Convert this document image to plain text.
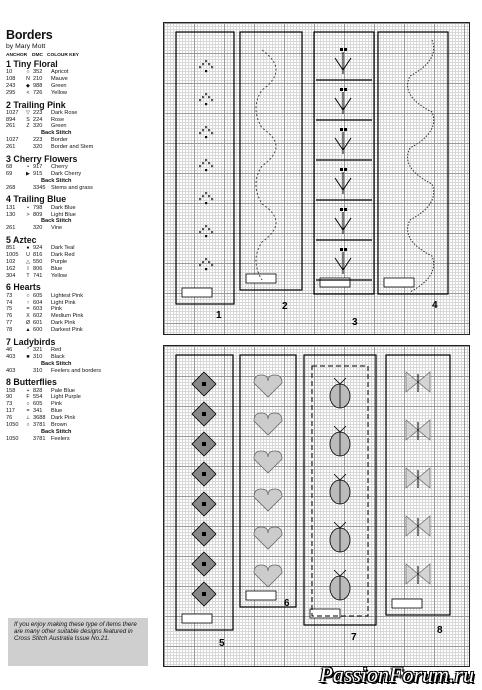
Borders
by Mary Mott
ANCHOR DMC COLOUR KEY
1 Tiny Floral
10	○ 352	Apricot
108	N 210	Mauve
243	◆ 988	Green
295	< 726	Yellow
2 Trailing Pink
1027	▽ 223	Dark Rose
894	S 224	Rose
261	Z 320	Green
Back Stitch
1027	223	Border
261	320	Border and Stem
3 Cherry Flowers
68	• 917	Cherry
69	▶ 915	Dark Cherry
Back Stitch
268	3345 Stems and grass
4 Trailing Blue
131	• 798	Dark Blue
130	> 809	Light Blue
Back Stitch
261	320	Vine
5 Aztec
851	● 924	Dark Teal
1005	U 816	Dark Red
102	△ 550	Purple
162	I 806	Blue
304	T 741	Yellow
6 Hearts
73	○ 605	Lightest Pink
74	↑ 604	Light Pink
75	= 603	Pink
76	X 602	Medium Pink
77	Ø 601	Dark Pink
78	▲ 600	Darkest Pink
7 Ladybirds
46	* 321	Red
403	■ 310	Black
Back Stitch
403	310	Feelers and borders
8 Butterflies
158	+ 828	Pale Blue
90	F 554	Light Purple
73	○ 605	Pink
117	= 341	Blue
76	⊥ 3688 Dark Pink
1050	○ 3781 Brown
Back Stitch
1050	3781 Feelers
If you enjoy making these type of items there are many other suitable designs featured in Cross Stitch Australia Issue No.21.
1
2
3
4
5
6
7
8
PassionForum.ru
